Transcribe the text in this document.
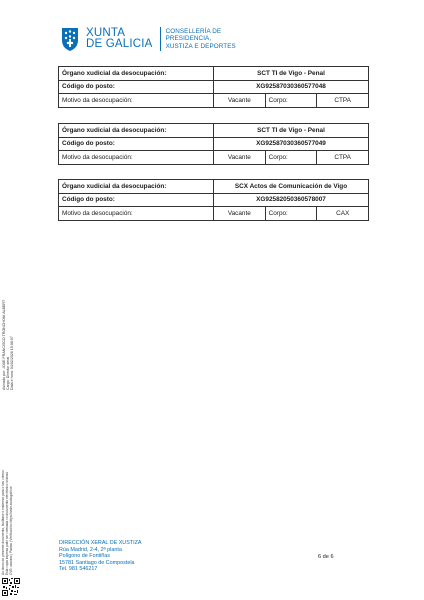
XUNTA
DE GALICIA
CONSELLERÍA DE
PRESIDENCIA,
XUSTIZA E DEPORTES
Órgano xudicial da desocupación:	SCT TI de Vigo - Penal		
Código do posto:	XG92587030360577048		
Motivo da desocupación:	Vacante	Corpo:	CTPA
Órgano xudicial da desocupación:	SCT TI de Vigo - Penal		
Código do posto:	XG92587030360577049		
Motivo da desocupación:	Vacante	Corpo:	CTPA
Órgano xudicial da desocupación:	SCX Actos de Comunicación de Vigo		
Código do posto:	XG92582050360578007		
Motivo da desocupación:	Vacante	Corpo:	CAX
Asinado por: JOSE FRANCISCO TRONCHONI ALBERT Cargo: Director xeral Data e hora: 04/02/2026 15:08:07
Ao dorso do presente documento, facilítase o enderezo para o seu cotexo. Esta copia impresa pode ser cotexada co documento electrónico orixinal. CVE: xxxxxxx | Páxina | Verificación: https://sede.xunta.gal/cve	DIRECCIÓN XERAL DE XUSTIZA
Rúa Madrid, 2-4, 2ª planta
Polígono de Fontiñas
15781 Santiago de Compostela
Tel. 981 546217
6 de 6
